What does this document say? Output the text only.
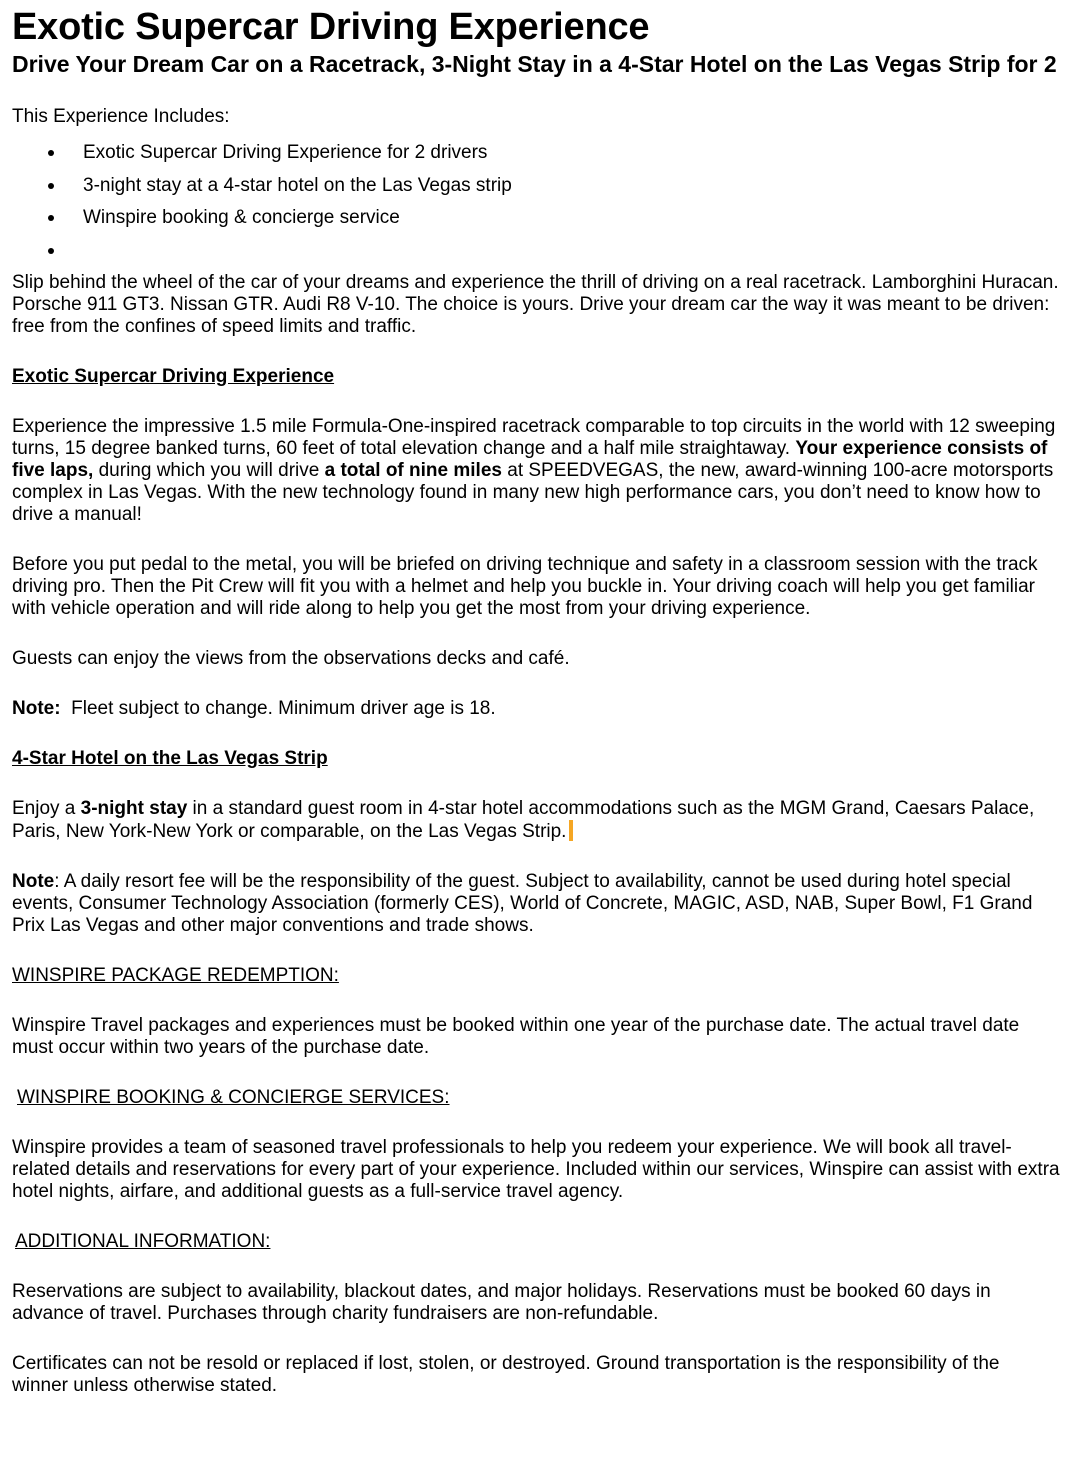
Exotic Supercar Driving Experience
Drive Your Dream Car on a Racetrack, 3-Night Stay in a 4-Star Hotel on the Las Vegas Strip for 2

This Experience Includes:

Exotic Supercar Driving Experience for 2 drivers
3-night stay at a 4-star hotel on the Las Vegas strip
Winspire booking & concierge service

Slip behind the wheel of the car of your dreams and experience the thrill of driving on a real racetrack. Lamborghini Huracan. Porsche 911 GT3. Nissan GTR. Audi R8 V-10. The choice is yours. Drive your dream car the way it was meant to be driven: free from the confines of speed limits and traffic.

Exotic Supercar Driving Experience

Experience the impressive 1.5 mile Formula-One-inspired racetrack comparable to top circuits in the world with 12 sweeping turns, 15 degree banked turns, 60 feet of total elevation change and a half mile straightaway. Your experience consists of five laps, during which you will drive a total of nine miles at SPEEDVEGAS, the new, award-winning 100-acre motorsports complex in Las Vegas. With the new technology found in many new high performance cars, you don’t need to know how to drive a manual!

Before you put pedal to the metal, you will be briefed on driving technique and safety in a classroom session with the track driving pro. Then the Pit Crew will fit you with a helmet and help you buckle in. Your driving coach will help you get familiar with vehicle operation and will ride along to help you get the most from your driving experience.

Guests can enjoy the views from the observations decks and café.

Note:  Fleet subject to change. Minimum driver age is 18.

4-Star Hotel on the Las Vegas Strip

Enjoy a 3-night stay in a standard guest room in 4-star hotel accommodations such as the MGM Grand, Caesars Palace, Paris, New York-New York or comparable, on the Las Vegas Strip.

Note: A daily resort fee will be the responsibility of the guest. Subject to availability, cannot be used during hotel special events, Consumer Technology Association (formerly CES), World of Concrete, MAGIC, ASD, NAB, Super Bowl, F1 Grand Prix Las Vegas and other major conventions and trade shows.

WINSPIRE PACKAGE REDEMPTION:

Winspire Travel packages and experiences must be booked within one year of the purchase date. The actual travel date must occur within two years of the purchase date.

WINSPIRE BOOKING & CONCIERGE SERVICES:

Winspire provides a team of seasoned travel professionals to help you redeem your experience. We will book all travel-related details and reservations for every part of your experience. Included within our services, Winspire can assist with extra hotel nights, airfare, and additional guests as a full-service travel agency.

ADDITIONAL INFORMATION:

Reservations are subject to availability, blackout dates, and major holidays. Reservations must be booked 60 days in advance of travel. Purchases through charity fundraisers are non-refundable.

Certificates can not be resold or replaced if lost, stolen, or destroyed. Ground transportation is the responsibility of the winner unless otherwise stated.
